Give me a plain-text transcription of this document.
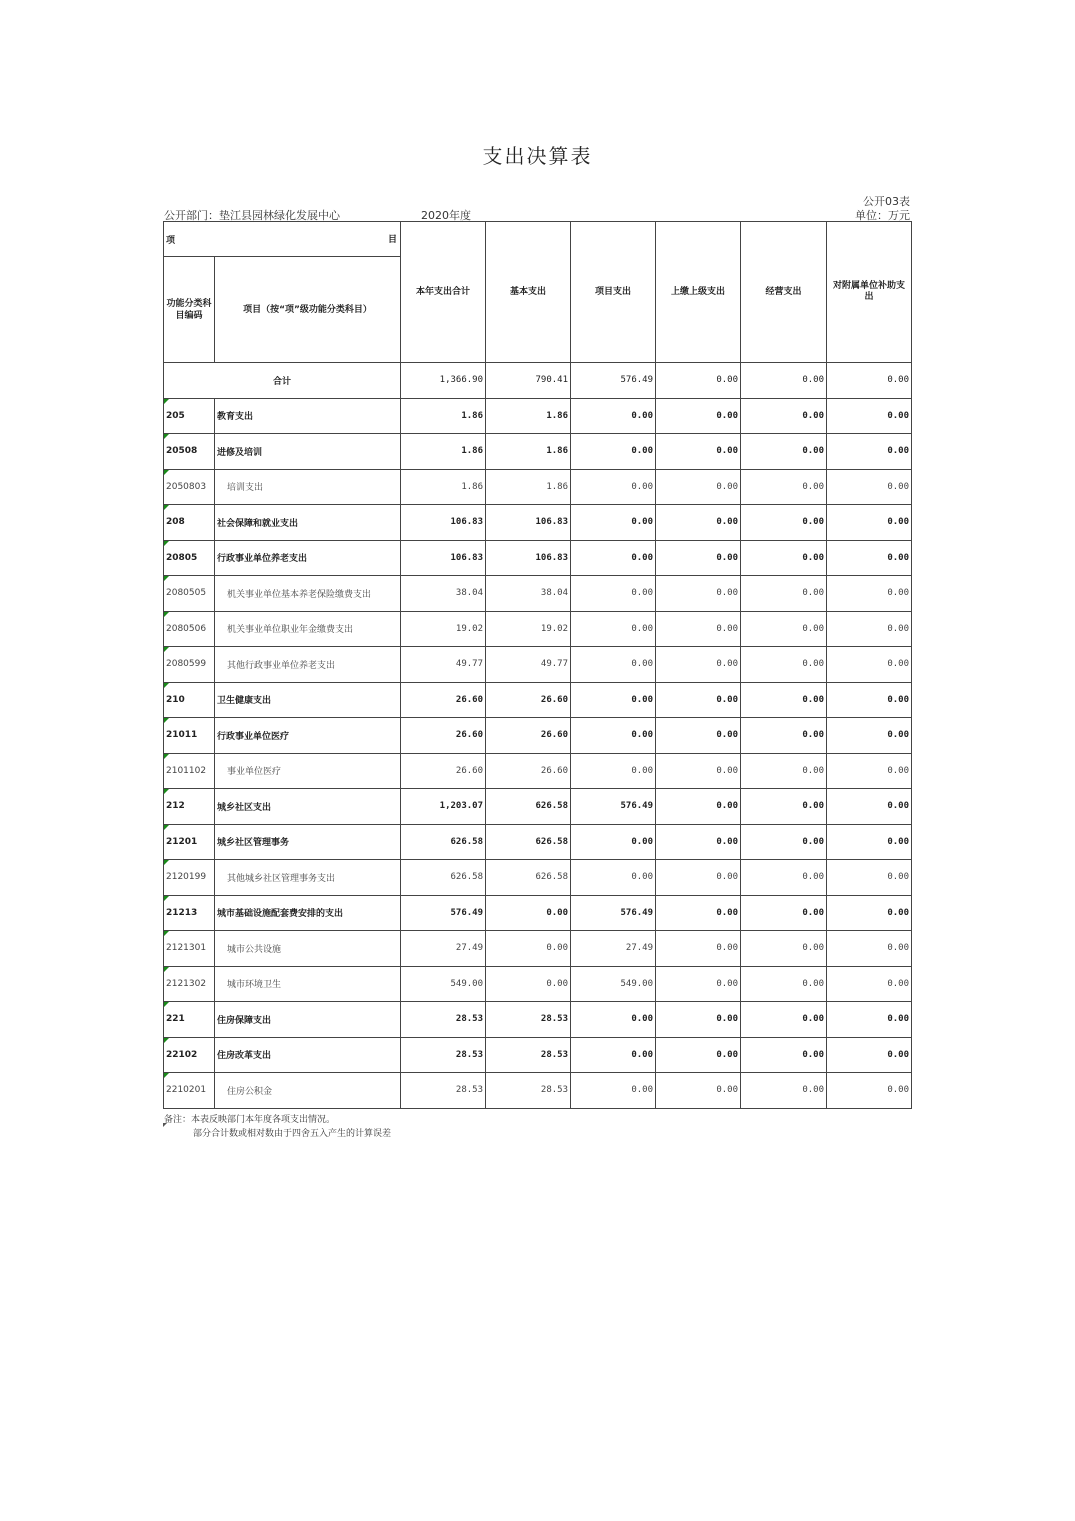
支出决算表
公开部门：垫江县园林绿化发展中心	2020年度
公开03表
单位：万元
项 目		本年支出合计	基本支出	项目支出	上缴上级支出	经营支出	对附属单位补助支出
功能分类科目编码	项目（按“项”级功能分类科目）						
合计		1,366.90	790.41	576.49	0.00	0.00	0.00
205	教育支出	1.86	1.86	0.00	0.00	0.00	0.00
20508	进修及培训	1.86	1.86	0.00	0.00	0.00	0.00
2050803	培训支出	1.86	1.86	0.00	0.00	0.00	0.00
208	社会保障和就业支出	106.83	106.83	0.00	0.00	0.00	0.00
20805	行政事业单位养老支出	106.83	106.83	0.00	0.00	0.00	0.00
2080505	机关事业单位基本养老保险缴费支出	38.04	38.04	0.00	0.00	0.00	0.00
2080506	机关事业单位职业年金缴费支出	19.02	19.02	0.00	0.00	0.00	0.00
2080599	其他行政事业单位养老支出	49.77	49.77	0.00	0.00	0.00	0.00
210	卫生健康支出	26.60	26.60	0.00	0.00	0.00	0.00
21011	行政事业单位医疗	26.60	26.60	0.00	0.00	0.00	0.00
2101102	事业单位医疗	26.60	26.60	0.00	0.00	0.00	0.00
212	城乡社区支出	1,203.07	626.58	576.49	0.00	0.00	0.00
21201	城乡社区管理事务	626.58	626.58	0.00	0.00	0.00	0.00
2120199	其他城乡社区管理事务支出	626.58	626.58	0.00	0.00	0.00	0.00
21213	城市基础设施配套费安排的支出	576.49	0.00	576.49	0.00	0.00	0.00
2121301	城市公共设施	27.49	0.00	27.49	0.00	0.00	0.00
2121302	城市环境卫生	549.00	0.00	549.00	0.00	0.00	0.00
221	住房保障支出	28.53	28.53	0.00	0.00	0.00	0.00
22102	住房改革支出	28.53	28.53	0.00	0.00	0.00	0.00
2210201	住房公积金	28.53	28.53	0.00	0.00	0.00	0.00
备注：本表反映部门本年度各项支出情况。
部分合计数或相对数由于四舍五入产生的计算误差
